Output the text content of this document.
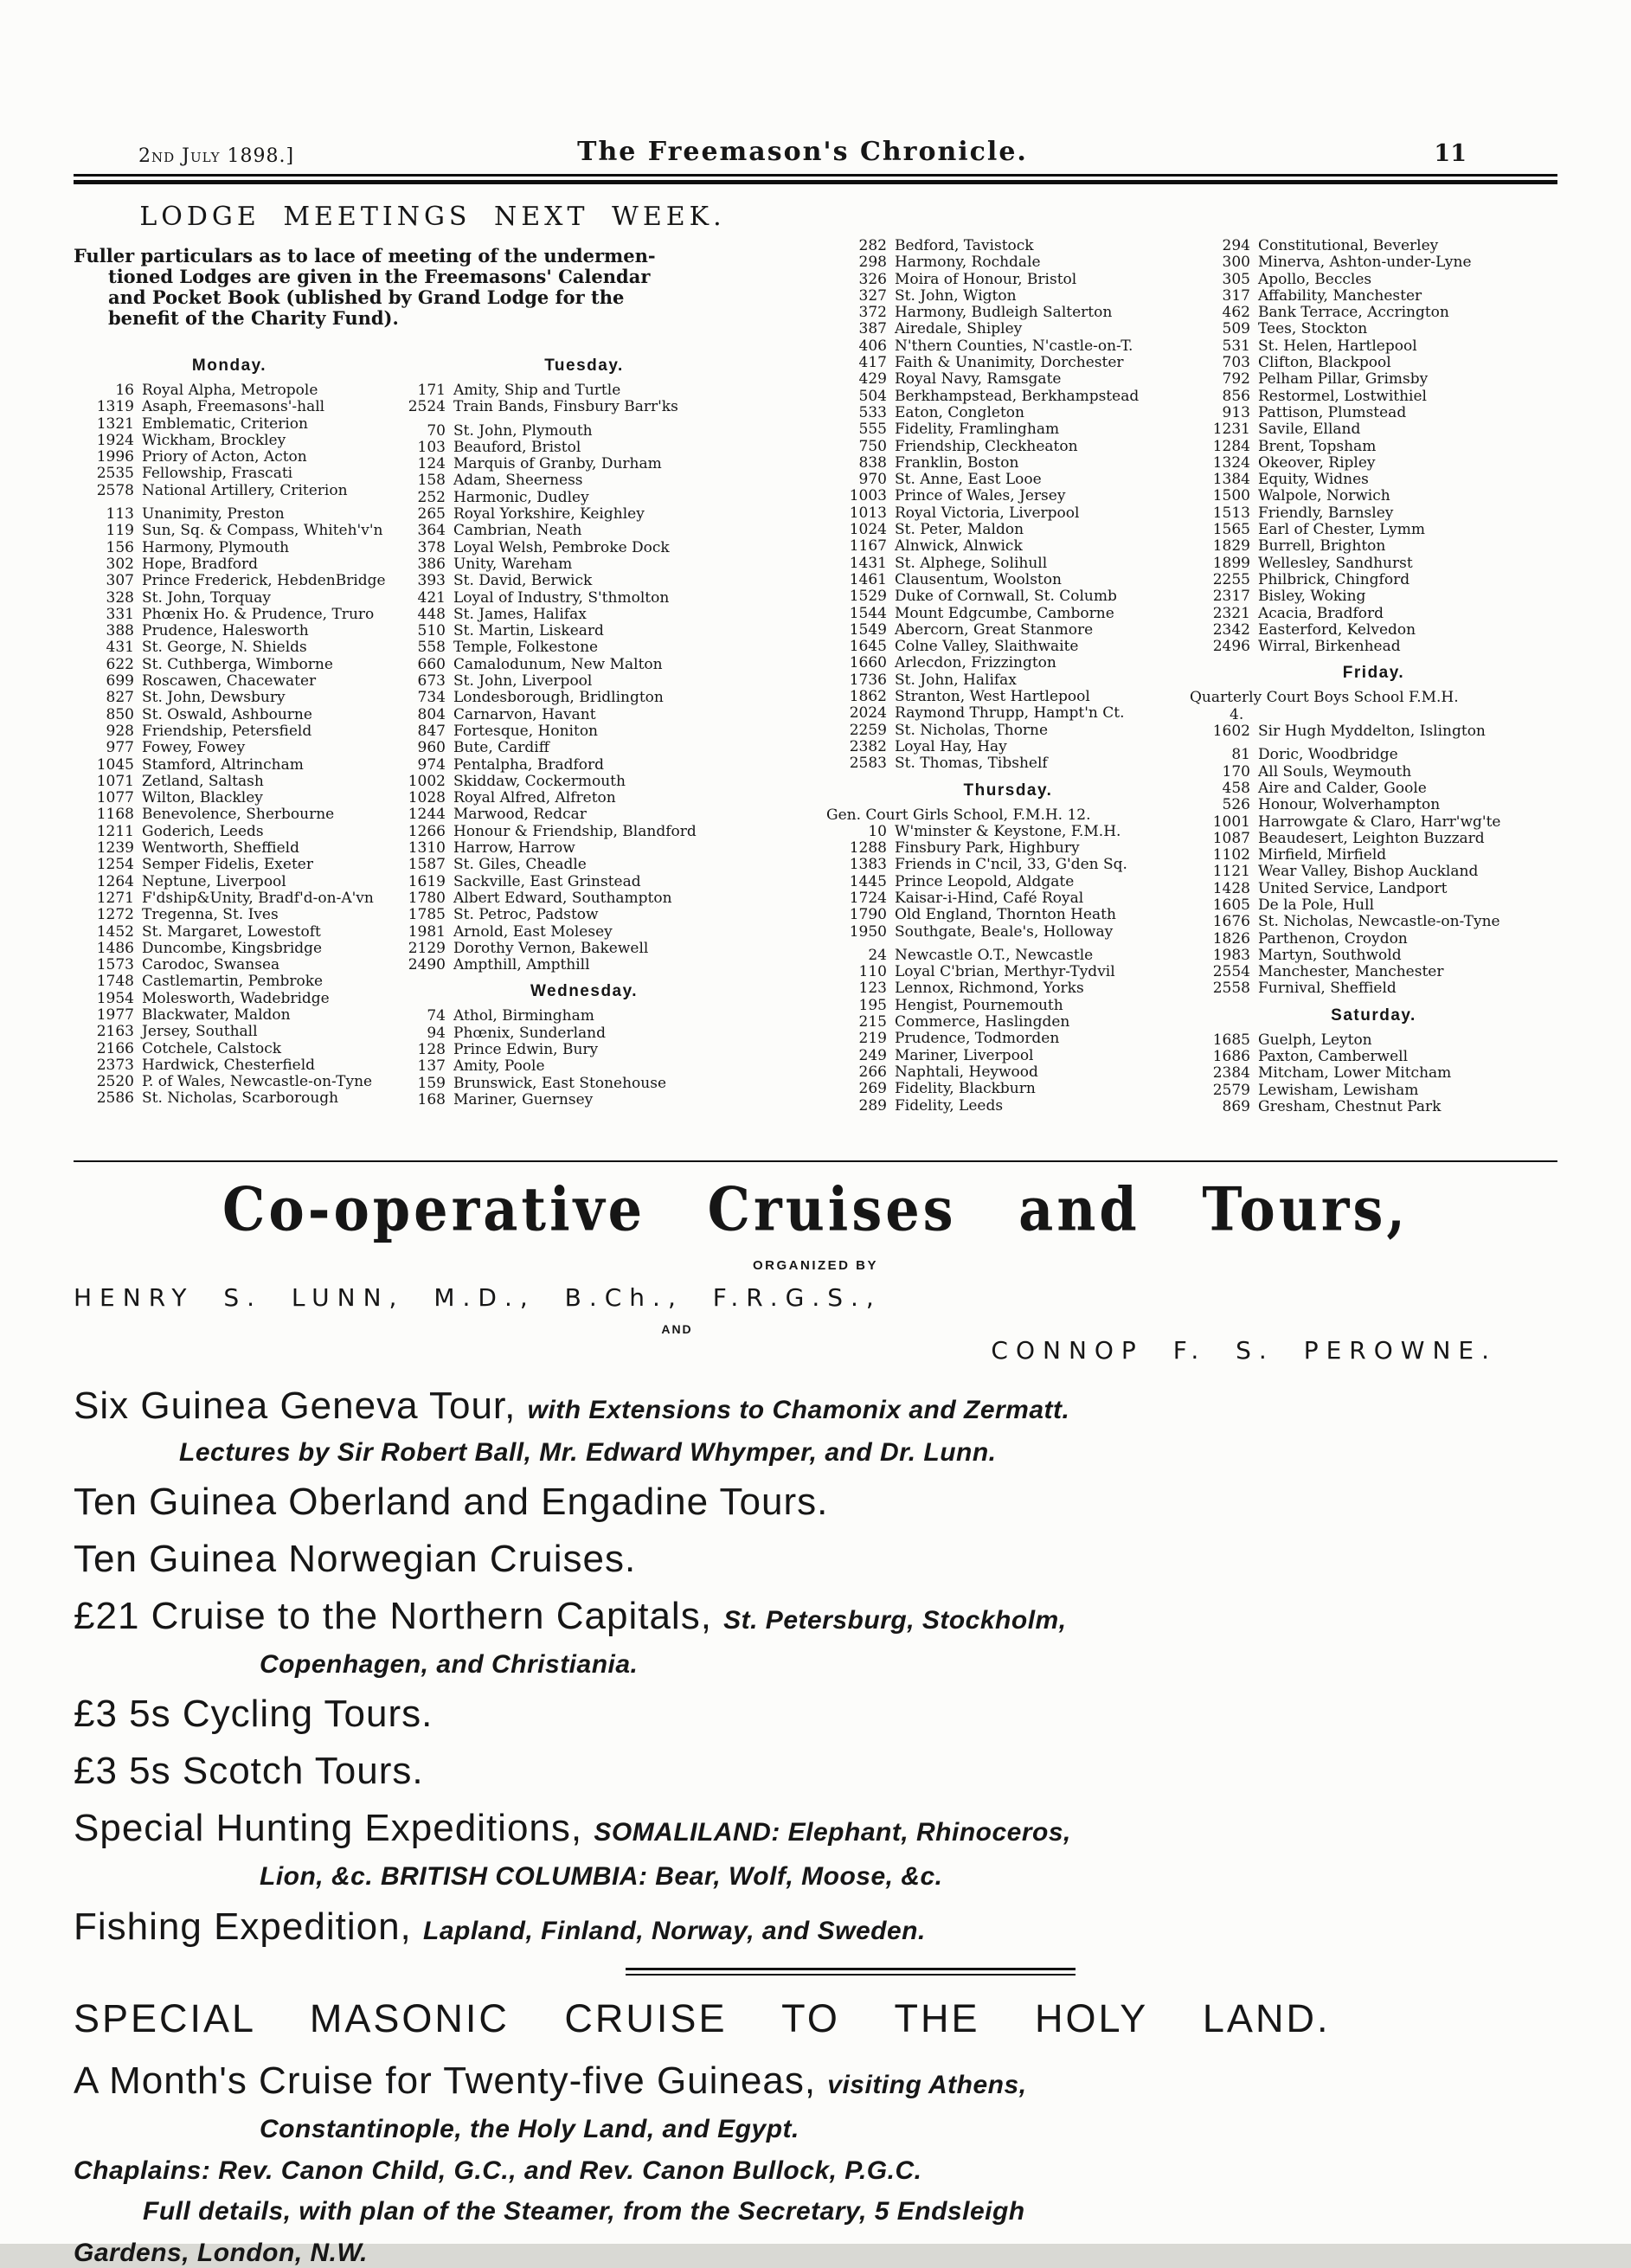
2nd July 1898.]	The Freemason's Chronicle.	11
LODGE MEETINGS NEXT WEEK.
Fuller particulars as to lace of meeting of the undermen-
tioned Lodges are given in the Freemasons' Calendar
and Pocket Book (ublished by Grand Lodge for the
benefit of the Charity Fund).
Monday.
16 Royal Alpha, Metropole
1319 Asaph, Freemasons'-hall
1321 Emblematic, Criterion
1924 Wickham, Brockley
1996 Priory of Acton, Acton
2535 Fellowship, Frascati
2578 National Artillery, Criterion
113 Unanimity, Preston
119 Sun, Sq. & Compass, Whiteh'v'n
156 Harmony, Plymouth
302 Hope, Bradford
307 Prince Frederick, HebdenBridge
328 St. John, Torquay
331 Phœnix Ho. & Prudence, Truro
388 Prudence, Halesworth
431 St. George, N. Shields
622 St. Cuthberga, Wimborne
699 Roscawen, Chacewater
827 St. John, Dewsbury
850 St. Oswald, Ashbourne
928 Friendship, Petersfield
977 Fowey, Fowey
1045 Stamford, Altrincham
1071 Zetland, Saltash
1077 Wilton, Blackley
1168 Benevolence, Sherbourne
1211 Goderich, Leeds
1239 Wentworth, Sheffield
1254 Semper Fidelis, Exeter
1264 Neptune, Liverpool
1271 F'dship&Unity, Bradf'd-on-A'vn
1272 Tregenna, St. Ives
1452 St. Margaret, Lowestoft
1486 Duncombe, Kingsbridge
1573 Carodoc, Swansea
1748 Castlemartin, Pembroke
1954 Molesworth, Wadebridge
1977 Blackwater, Maldon
2163 Jersey, Southall
2166 Cotchele, Calstock
2373 Hardwick, Chesterfield
2520 P. of Wales, Newcastle-on-Tyne
2586 St. Nicholas, Scarborough
Tuesday.
171 Amity, Ship and Turtle
2524 Train Bands, Finsbury Barr'ks
70 St. John, Plymouth
103 Beauford, Bristol
124 Marquis of Granby, Durham
158 Adam, Sheerness
252 Harmonic, Dudley
265 Royal Yorkshire, Keighley
364 Cambrian, Neath
378 Loyal Welsh, Pembroke Dock
386 Unity, Wareham
393 St. David, Berwick
421 Loyal of Industry, S'thmolton
448 St. James, Halifax
510 St. Martin, Liskeard
558 Temple, Folkestone
660 Camalodunum, New Malton
673 St. John, Liverpool
734 Londesborough, Bridlington
804 Carnarvon, Havant
847 Fortesque, Honiton
960 Bute, Cardiff
974 Pentalpha, Bradford
1002 Skiddaw, Cockermouth
1028 Royal Alfred, Alfreton
1244 Marwood, Redcar
1266 Honour & Friendship, Blandford
1310 Harrow, Harrow
1587 St. Giles, Cheadle
1619 Sackville, East Grinstead
1780 Albert Edward, Southampton
1785 St. Petroc, Padstow
1981 Arnold, East Molesey
2129 Dorothy Vernon, Bakewell
2490 Ampthill, Ampthill
Wednesday.
74 Athol, Birmingham
94 Phœnix, Sunderland
128 Prince Edwin, Bury
137 Amity, Poole
159 Brunswick, East Stonehouse
168 Mariner, Guernsey
282 Bedford, Tavistock
298 Harmony, Rochdale
326 Moira of Honour, Bristol
327 St. John, Wigton
372 Harmony, Budleigh Salterton
387 Airedale, Shipley
406 N'thern Counties, N'castle-on-T.
417 Faith & Unanimity, Dorchester
429 Royal Navy, Ramsgate
504 Berkhampstead, Berkhampstead
533 Eaton, Congleton
555 Fidelity, Framlingham
750 Friendship, Cleckheaton
838 Franklin, Boston
970 St. Anne, East Looe
1003 Prince of Wales, Jersey
1013 Royal Victoria, Liverpool
1024 St. Peter, Maldon
1167 Alnwick, Alnwick
1431 St. Alphege, Solihull
1461 Clausentum, Woolston
1529 Duke of Cornwall, St. Columb
1544 Mount Edgcumbe, Camborne
1549 Abercorn, Great Stanmore
1645 Colne Valley, Slaithwaite
1660 Arlecdon, Frizzington
1736 St. John, Halifax
1862 Stranton, West Hartlepool
2024 Raymond Thrupp, Hampt'n Ct.
2259 St. Nicholas, Thorne
2382 Loyal Hay, Hay
2583 St. Thomas, Tibshelf
Thursday.
Gen. Court Girls School, F.M.H. 12.
10 W'minster & Keystone, F.M.H.
1288 Finsbury Park, Highbury
1383 Friends in C'ncil, 33, G'den Sq.
1445 Prince Leopold, Aldgate
1724 Kaisar-i-Hind, Café Royal
1790 Old England, Thornton Heath
1950 Southgate, Beale's, Holloway
24 Newcastle O.T., Newcastle
110 Loyal C'brian, Merthyr-Tydvil
123 Lennox, Richmond, Yorks
195 Hengist, Pournemouth
215 Commerce, Haslingden
219 Prudence, Todmorden
249 Mariner, Liverpool
266 Naphtali, Heywood
269 Fidelity, Blackburn
289 Fidelity, Leeds
294 Constitutional, Beverley
300 Minerva, Ashton-under-Lyne
305 Apollo, Beccles
317 Affability, Manchester
462 Bank Terrace, Accrington
509 Tees, Stockton
531 St. Helen, Hartlepool
703 Clifton, Blackpool
792 Pelham Pillar, Grimsby
856 Restormel, Lostwithiel
913 Pattison, Plumstead
1231 Savile, Elland
1284 Brent, Topsham
1324 Okeover, Ripley
1384 Equity, Widnes
1500 Walpole, Norwich
1513 Friendly, Barnsley
1565 Earl of Chester, Lymm
1829 Burrell, Brighton
1899 Wellesley, Sandhurst
2255 Philbrick, Chingford
2317 Bisley, Woking
2321 Acacia, Bradford
2342 Easterford, Kelvedon
2496 Wirral, Birkenhead
Friday.
Quarterly Court Boys School F.M.H.
4.
1602 Sir Hugh Myddelton, Islington
81 Doric, Woodbridge
170 All Souls, Weymouth
458 Aire and Calder, Goole
526 Honour, Wolverhampton
1001 Harrowgate & Claro, Harr'wg'te
1087 Beaudesert, Leighton Buzzard
1102 Mirfield, Mirfield
1121 Wear Valley, Bishop Auckland
1428 United Service, Landport
1605 De la Pole, Hull
1676 St. Nicholas, Newcastle-on-Tyne
1826 Parthenon, Croydon
1983 Martyn, Southwold
2554 Manchester, Manchester
2558 Furnival, Sheffield
Saturday.
1685 Guelph, Leyton
1686 Paxton, Camberwell
2384 Mitcham, Lower Mitcham
2579 Lewisham, Lewisham
869 Gresham, Chestnut Park
Co-operative Cruises and Tours,
ORGANIZED BY
HENRY S. LUNN, M.D., B.Ch., F.R.G.S.,
AND
CONNOP F. S. PEROWNE.
Six Guinea Geneva Tour, with Extensions to Chamonix and Zermatt.
Lectures by Sir Robert Ball, Mr. Edward Whymper, and Dr. Lunn.
Ten Guinea Oberland and Engadine Tours.
Ten Guinea Norwegian Cruises.
£21 Cruise to the Northern Capitals, St. Petersburg, Stockholm,
Copenhagen, and Christiania.
£3 5s Cycling Tours.
£3 5s Scotch Tours.
Special Hunting Expeditions, SOMALILAND: Elephant, Rhinoceros,
Lion, &c. BRITISH COLUMBIA: Bear, Wolf, Moose, &c.
Fishing Expedition, Lapland, Finland, Norway, and Sweden.
SPECIAL MASONIC CRUISE TO THE HOLY LAND.
A Month's Cruise for Twenty-five Guineas, visiting Athens,
Constantinople, the Holy Land, and Egypt.
Chaplains: Rev. Canon Child, G.C., and Rev. Canon Bullock, P.G.C.
Full details, with plan of the Steamer, from the Secretary, 5 Endsleigh
Gardens, London, N.W.
